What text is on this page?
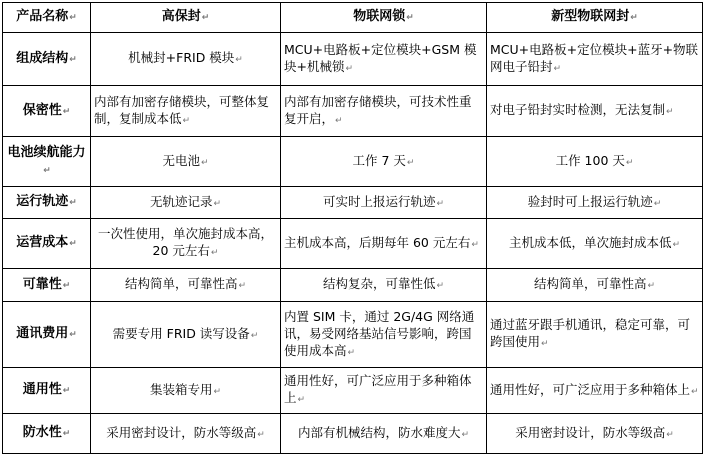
产品名称↵	高保封↵	物联网锁↵	新型物联网封↵
组成结构↵	机械封+FRID 模块↵	MCU+电路板+定位模块+GSM 模块+机械锁↵	MCU+电路板+定位模块+蓝牙+物联网电子铅封↵
保密性↵	内部有加密存储模块，可整体复制，复制成本低↵	内部有加密存储模块，可技术性重复开启，↵	对电子铅封实时检测，无法复制↵
电池续航能力↵	无电池↵	工作 7 天↵	工作 100 天↵
运行轨迹↵	无轨迹记录↵	可实时上报运行轨迹↵	验封时可上报运行轨迹↵
运营成本↵	一次性使用，单次施封成本高，20 元左右↵	主机成本高，后期每年 60 元左右↵	主机成本低，单次施封成本低↵
可靠性↵	结构简单，可靠性高↵	结构复杂，可靠性低↵	结构简单，可靠性高↵
通讯费用↵	需要专用 FRID 读写设备↵	内置 SIM 卡，通过 2G/4G 网络通讯，易受网络基站信号影响，跨国使用成本高↵	通过蓝牙跟手机通讯，稳定可靠，可跨国使用↵
通用性↵	集装箱专用↵	通用性好，可广泛应用于多种箱体上↵	通用性好，可广泛应用于多种箱体上↵
防水性↵	采用密封设计，防水等级高↵	内部有机械结构，防水难度大↵	采用密封设计，防水等级高↵
